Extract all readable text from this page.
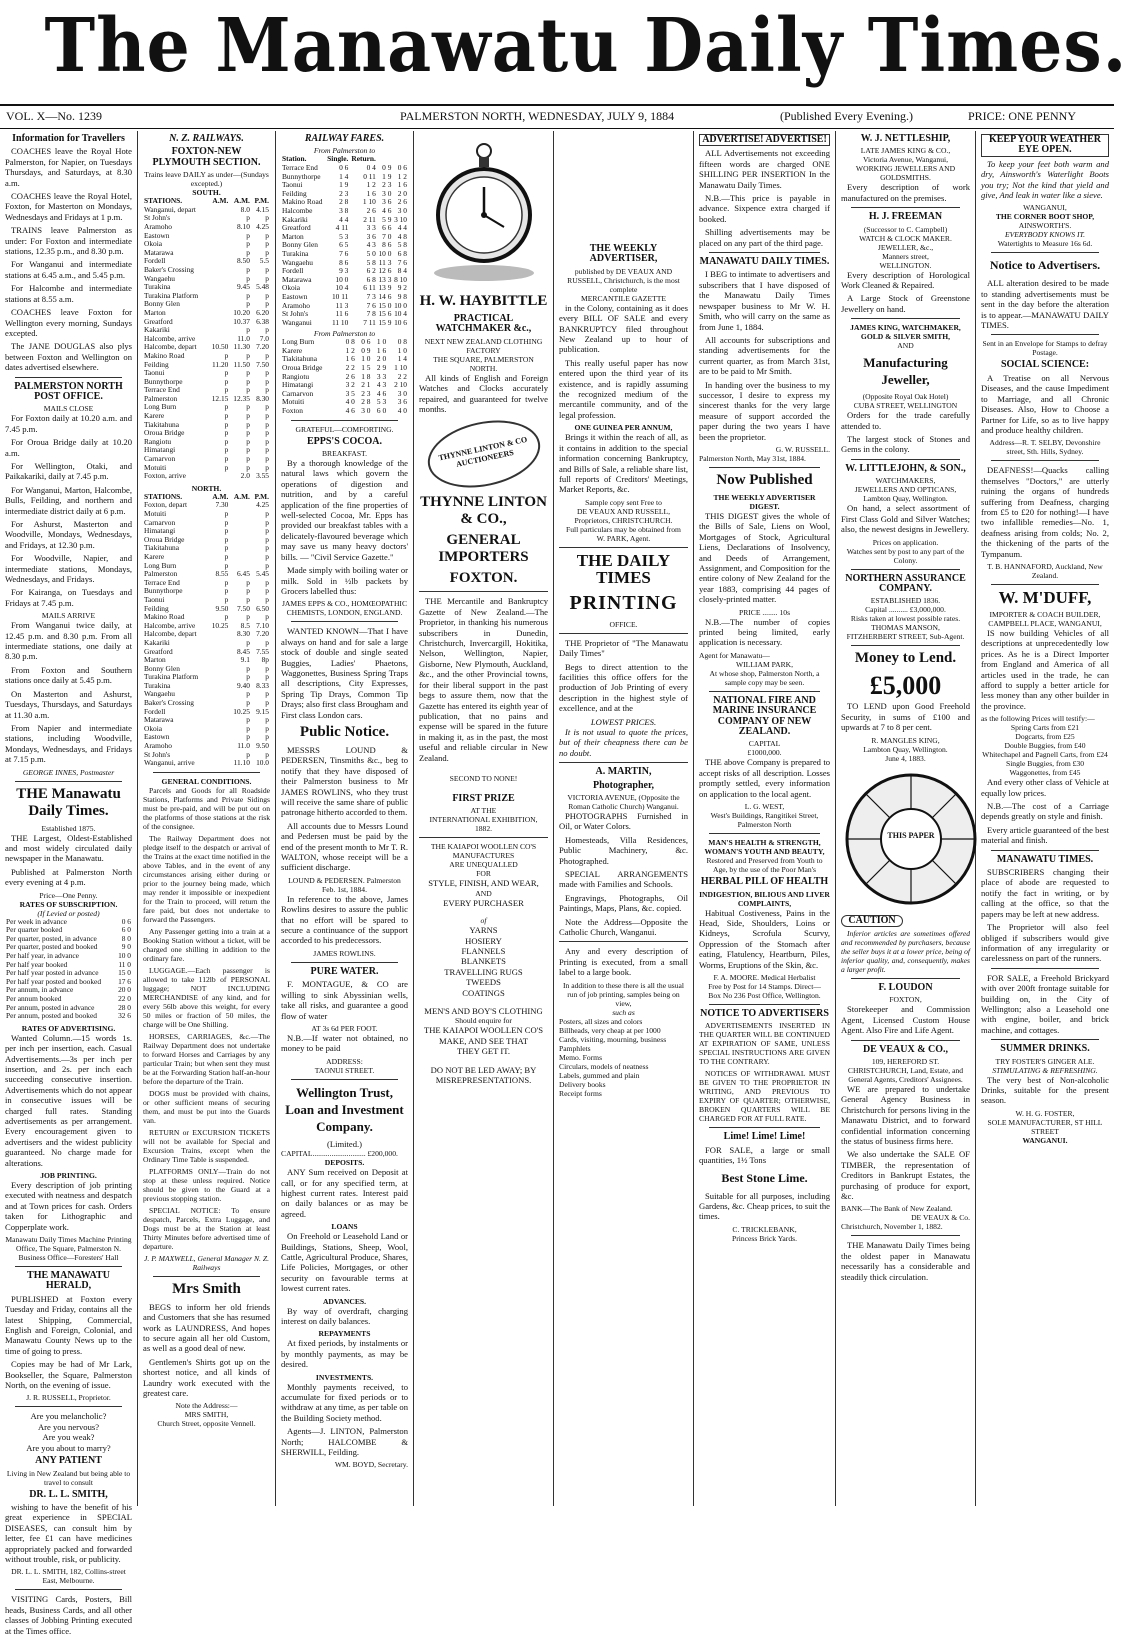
The Manawatu Daily Times.
VOL. X—No. 1239	PALMERSTON NORTH, WEDNESDAY, JULY 9, 1884	(Published Every Evening.)	PRICE: ONE PENNY
Information for Travellers

COACHES leave the Royal Hote Palmerston, for Napier, on Tuesdays Thursdays, and Saturdays, at 8.30 a.m.

COACHES leave the Royal Hotel, Foxton, for Masterton on Mondays, Wednesdays and Fridays at 1 p.m.

TRAINS leave Palmerston as under: For Foxton and intermediate stations, 12.35 p.m., and 8.30 p.m.

For Wanganui and intermediate stations at 6.45 a.m., and 5.45 p.m.

For Halcombe and intermediate stations at 8.55 a.m.

COACHES leave Foxton for Wellington every morning, Sundays excepted.

The JANE DOUGLAS also plys between Foxton and Wellington on dates advertised elsewhere.

PALMERSTON NORTH POST OFFICE.
MAILS CLOSE

For Foxton daily at 10.20 a.m. and 7.45 p.m.

For Oroua Bridge daily at 10.20 a.m.

For Wellington, Otaki, and Paikakariki, daily at 7.45 p.m.

For Wanganui, Marton, Halcombe, Bulls, Feilding, and northern and intermediate district daily at 6 p.m.

For Ashurst, Masterton and Woodville, Mondays, Wednesdays, and Fridays, at 12.30 p.m.

For Woodville, Napier, and intermediate stations, Mondays, Wednesdays, and Fridays.

For Kairanga, on Tuesdays and Fridays at 7.45 p.m.

MAILS ARRIVE

From Wanganui twice daily, at 12.45 p.m. and 8.30 p.m. From all intermediate stations, one daily at 8.30 p.m.

From Foxton and Southern stations once daily at 5.45 p.m.

On Masterton and Ashurst, Tuesdays, Thursdays, and Saturdays at 11.30 a.m.

From Napier and intermediate stations, including Woodville, Mondays, Wednesdays, and Fridays at 7.15 p.m.

GEORGE INNES, Postmaster
THE Manawatu Daily Times.
Established 1875.

THE Largest, Oldest-Established and most widely circulated daily newspaper in the Manawatu.

Published at Palmerston North every evening at 4 p.m.

Price—One Penny.
RATES OF SUBSCRIPTION.
(If Levied or posted)
Per week in advance	0 6
Per quarter booked	6 0
Per quarter, posted, in advance	8 0
Per quarter, posted and booked	9 0
Per half year, in advance	10 0
Per half year booked	11 0
Per half year posted in advance	15 0
Per half year posted and booked	17 6
Per annum, in advance	20 0
Per annum booked	22 0
Per annum, posted in advance	28 0
Per annum, posted and booked	32 6
RATES OF ADVERTISING.

Wanted Column.—15 words 1s. per inch per insertion, each. Casual Advertisements.—3s per inch per insertion, and 2s. per inch each succeeding consecutive insertion. Advertisements which do not appear in consecutive issues will be charged full rates. Standing advertisements as per arrangement. Every encouragement given to advertisers and the widest publicity guaranteed. No charge made for alterations.

JOB PRINTING.

Every description of job printing executed with neatness and despatch and at Town prices for cash. Orders taken for Lithographic and Copperplate work.

Manawatu Daily Times Machine Printing Office, The Square, Palmerston N.
Business Office—Foresters' Hall
THE MANAWATU HERALD,

PUBLISHED at Foxton every Tuesday and Friday, contains all the latest Shipping, Commercial, English and Foreign, Colonial, and Manawatu County News up to the time of going to press.

Copies may be had of Mr Lark, Bookseller, the Square, Palmerston North, on the evening of issue.

J. R. RUSSELL, Proprietor.
Are you melancholic?
Are you nervous?
Are you weak?
Are you about to marry?
ANY PATIENT
Living in New Zealand but being able to travel to consult
DR. L. L. SMITH,

wishing to have the benefit of his great experience in SPECIAL DISEASES, can consult him by letter, fee £1 can have medicines appropriately packed and forwarded without trouble, risk, or publicity.

DR. L. L. SMITH, 182, Collins-street East, Melbourne.

VISITING Cards, Posters, Bill heads, Business Cards, and all other classes of Jobbing Printing executed at the Times office.

N. Z. RAILWAYS.
FOXTON-NEW PLYMOUTH SECTION.
Trains leave DAILY as under—(Sundays excepted.)
SOUTH.
STATIONS.	A.M.	A.M.	P.M.
Wanganui, depart		8.0	4.15
St John's		p	p
Aramoho		8.10	4.25
Eastown		p	p
Okoia		p	p
Matarawa		p	p
Fordell		8.50	5.5
Baker's Crossing		p	p
Wangaehu		p	p
Turakina		9.45	5.48
Turakina Platform		p	p
Bonny Glen		p	p
Marton		10.20	6.20
Greatford		10.37	6.38
Kakariki		p	p
Halcombe, arrive		11.0	7.0
Halcombe, depart	10.50	11.30	7.20
Makino Road	p	p	p
Feilding	11.20	11.50	7.50
Taonui	p	p	p
Bunnythorpe	p	p	p
Terrace End	p	p	p
Palmerston	12.15	12.35	8.30
Long Burn	p	p	p
Karere	p	p	p
Tiakitahuna	p	p	p
Oroua Bridge	p	p	p
Rangiotu	p	p	p
Himatangi	p	p	p
Carnarvon	p	p	p
Motuiti	p	p	p
Foxton, arrive		2.0	3.55
NORTH.
STATIONS.	A.M.	A.M.	P.M.
Foxton, depart	7.30		4.25
Motuiti	p		p
Carnarvon	p		p
Himatangi	p		p
Oroua Bridge	p		p
Tiakitahuna	p		p
Karere	p		p
Long Burn	p		p
Palmerston	8.55	6.45	5.45
Terrace End	p	p	p
Bunnythorpe	p	p	p
Taonui	p	p	p
Feilding	9.50	7.50	6.50
Makino Road	p	p	p
Halcombe, arrive	10.25	8.5	7.10
Halcombe, depart		8.30	7.20
Kakariki		p	p
Greatford		8.45	7.55
Marton		9.1	8p
Bonny Glen		p	p
Turakina Platform		p	p
Turakina		9.40	8.33
Wangaehu		p	p
Baker's Crossing		p	p
Fordell		10.25	9.15
Matarawa		p	p
Okoia		p	p
Eastown		p	p
Aramoho		11.0	9.50
St John's		p	p
Wanganui, arrive		11.10	10.0
GENERAL CONDITIONS.

Parcels and Goods for all Roadside Stations, Platforms and Private Sidings must be pre-paid, and will be put out on the platforms of those stations at the risk of the consignee.

The Railway Department does not pledge itself to the despatch or arrival of the Trains at the exact time notified in the above Tables, and in the event of any circumstances arising either during or prior to the journey being made, which may render it impossible or inexpedient for the Train to proceed, will return the fare paid, but does not undertake to forward the Passengers.

Any Passenger getting into a train at a Booking Station without a ticket, will be charged one shilling in addition to the ordinary fare.

LUGGAGE.—Each passenger is allowed to take 112lb of PERSONAL luggage; NOT INCLUDING MERCHANDISE of any kind, and for every 56lb above this weight, for every 50 miles or fraction of 50 miles, the charge will be One Shilling.

HORSES, CARRIAGES, &c.—The Railway Department does not undertake to forward Horses and Carriages by any particular Train; but when sent they must be at the Forwarding Station half-an-hour before the departure of the Train.

DOGS must be provided with chains, or other sufficient means of securing them, and must be put into the Guards van.

RETURN or EXCURSION TICKETS will not be available for Special and Excursion Trains, except when the Ordinary Time Table is suspended.

PLATFORMS ONLY—Train do not stop at these unless required. Notice should be given to the Guard at a previous stopping station.

SPECIAL NOTICE: To ensure despatch, Parcels, Extra Luggage, and Dogs must be at the Station at least Thirty Minutes before advertised time of departure.

J. P. MAXWELL, General Manager N. Z. Railways
Mrs Smith

BEGS to inform her old friends and Customers that she has resumed work as LAUNDRESS, And hopes to secure again all her old Custom, as well as a good deal of new.

Gentlemen's Shirts got up on the shortest notice, and all kinds of Laundry work executed with the greatest care.

Note the Address:—
MRS SMITH,
Church Street, opposite Vennell.
RAILWAY FARES.
From Palmerston to
Station.	Single.	Return.		
Terrace End	0 6	0 4	0 9	0 6
Bunnythorpe	1 4	0 11	1 9	1 2
Taonui	1 9	1 2	2 3	1 6
Feilding	2 3	1 6	3 0	2 0
Makino Road	2 8	1 10	3 6	2 6
Halcombe	3 8	2 6	4 6	3 0
Kakariki	4 4	2 11	5 9	3 10
Greatford	4 11	3 3	6 6	4 4
Marton	5 3	3 6	7 0	4 8
Bonny Glen	6 5	4 3	8 6	5 8
Turakina	7 6	5 0	10 0	6 8
Wangaehu	8 6	5 8	11 3	7 6
Fordell	9 3	6 2	12 6	8 4
Matarawa	10 0	6 8	13 3	8 10
Okoia	10 4	6 11	13 9	9 2
Eastown	10 11	7 3	14 6	9 8
Aramoho	11 3	7 6	15 0	10 0
St John's	11 6	7 8	15 6	10 4
Wanganui	11 10	7 11	15 9	10 6
From Palmerston to
Long Burn	0 8	0 6	1 0	0 8
Karere	1 2	0 9	1 6	1 0
Tiakitahuna	1 6	1 0	2 0	1 4
Oroua Bridge	2 2	1 5	2 9	1 10
Rangiotu	2 6	1 8	3 3	2 2
Himatangi	3 2	2 1	4 3	2 10
Carnarvon	3 5	2 3	4 6	3 0
Motuiti	4 0	2 8	5 3	3 6
Foxton	4 6	3 0	6 0	4 0
GRATEFUL—COMFORTING.
EPPS'S COCOA.
BREAKFAST.

By a thorough knowledge of the natural laws which govern the operations of digestion and nutrition, and by a careful application of the fine properties of well-selected Cocoa, Mr. Epps has provided our breakfast tables with a delicately-flavoured beverage which may save us many heavy doctors' bills. — "Civil Service Gazette."

Made simply with boiling water or milk. Sold in ½lb packets by Grocers labelled thus:

JAMES EPPS & CO., HOMŒOPATHIC CHEMISTS, LONDON, ENGLAND.

WANTED KNOWN—That I have always on hand and for sale a large stock of double and single seated Buggies, Ladies' Phaetons, Waggonettes, Business Spring Traps all descriptions, City Expresses, Spring Tip Drays, Common Tip Drays; also first class Brougham and First class London cars.

Public Notice.

MESSRS LOUND & PEDERSEN, Tinsmiths &c., beg to notify that they have disposed of their Palmerston business to Mr JAMES ROWLINS, who they trust will receive the same share of public patronage hitherto accorded to them.

All accounts due to Messrs Lound and Pedersen must be paid by the end of the present month to Mr T. R. WALTON, whose receipt will be a sufficient discharge.

LOUND & PEDERSEN. Palmerston Feb. 1st, 1884.

In reference to the above, James Rowlins desires to assure the public that no effort will be spared to secure a continuance of the support accorded to his predecessors.

JAMES ROWLINS.
PURE WATER.

F. MONTAGUE, & CO are willing to sink Abyssinian wells, take all risks, and guarantee a good flow of water

AT 3s 6d PER FOOT.

N.B.—If water not obtained, no money to be paid

ADDRESS:
TAONUI STREET.
Wellington Trust, Loan and Investment Company.
(Limited.)
CAPITAL............................ £200,000.
DEPOSITS.

ANY Sum received on Deposit at call, or for any specified term, at highest current rates. Interest paid on daily balances or as may be agreed.

LOANS

On Freehold or Leasehold Land or Buildings, Stations, Sheep, Wool, Cattle, Agricultural Produce, Shares, Life Policies, Mortgages, or other security on favourable terms at lowest current rates.

ADVANCES.

By way of overdraft, charging interest on daily balances.

REPAYMENTS

At fixed periods, by instalments or by monthly payments, as may be desired.

INVESTMENTS.

Monthly payments received, to accumulate for fixed periods or to withdraw at any time, as per table on the Building Society method.

Agents—J. LINTON, Palmerston North; HALCOMBE & SHERWILL, Feilding.

WM. BOYD, Secretary.
H. W. HAYBITTLE
PRACTICAL WATCHMAKER &c.,
NEXT NEW ZEALAND CLOTHING FACTORY
THE SQUARE, PALMERSTON NORTH.

All kinds of English and Foreign Watches and Clocks accurately repaired, and guaranteed for twelve months.

THYNNE LINTON & CO AUCTIONEERS
THYNNE LINTON & CO.,
GENERAL IMPORTERS
FOXTON.

THE Mercantile and Bankruptcy Gazette of New Zealand.—The Proprietor, in thanking his numerous subscribers in Dunedin, Christchurch, Invercargill, Hokitika, Nelson, Wellington, Napier, Gisborne, New Plymouth, Auckland, &c., and the other Provincial towns, for their liberal support in the past begs to assure them, now that the Gazette has entered its eighth year of publication, that no pains and expense will be spared in the future in making it, as in the past, the most useful and reliable circular in New Zealand.

SECOND TO NONE!
FIRST PRIZE
AT THE
INTERNATIONAL EXHIBITION,
1882.
THE KAIAPOI WOOLLEN CO'S
MANUFACTURES
ARE UNEQUALLED
FOR
STYLE, FINISH, AND WEAR,
AND
EVERY PURCHASER
of
YARNS
HOSIERY
FLANNELS
BLANKETS
TRAVELLING RUGS
TWEEDS
COATINGS
MEN'S AND BOY'S CLOTHING
Should enquire for
THE KAIAPOI WOOLLEN CO'S
MAKE, AND SEE THAT
THEY GET IT.
DO NOT BE LED AWAY; BY MISREPRESENTATIONS.
THE WEEKLY ADVERTISER,
published by DE VEAUX AND RUSSELL, Christchurch, is the most complete
MERCANTILE GAZETTE

in the Colony, containing as it does every BILL OF SALE and every BANKRUPTCY filed throughout New Zealand up to hour of publication.

This really useful paper has now entered upon the third year of its existence, and is rapidly assuming the recognized medium of the mercantile community, and of the legal profession.

ONE GUINEA PER ANNUM,

Brings it within the reach of all, as it contains in addition to the special information concerning Bankruptcy, and Bills of Sale, a reliable share list, full reports of Creditors' Meetings, Market Reports, &c.

Sample copy sent Free to
DE VEAUX AND RUSSELL, Proprietors, CHRISTCHURCH.
Full particulars may be obtained from
W. PARK, Agent.
THE DAILY TIMES
PRINTING
OFFICE.

THE Proprietor of "The Manawatu Daily Times"

Begs to direct attention to the facilities this office offers for the production of Job Printing of every description in the highest style of excellence, and at the

LOWEST PRICES.

It is not usual to quote the prices, but of their cheapness there can be no doubt.

A. MARTIN,
Photographer,
VICTORIA AVENUE, (Opposite the Roman Catholic Church) Wanganui.

PHOTOGRAPHS Furnished in Oil, or Water Colors.

Homesteads, Villa Residences, Public Machinery, &c. Photographed.

SPECIAL ARRANGEMENTS made with Families and Schools.

Engravings, Photographs, Oil Paintings, Maps, Plans, &c. copied.

Note the Address—Opposite the Catholic Church, Wanganui.

Any and every description of Printing is executed, from a small label to a large book.

In addition to these there is all the usual run of job printing, samples being on view,
such as
Posters, all sizes and colors
Billheads, very cheap at per 1000
Cards, visiting, mourning, business
Pamphlets
Memo. Forms
Circulars, models of neatness
Labels, gummed and plain
Delivery books
Receipt forms
ADVERTISE! ADVERTISE!

ALL Advertisements not exceeding fifteen words are charged ONE SHILLING PER INSERTION In the Manawatu Daily Times.

N.B.—This price is payable in advance. Sixpence extra charged if booked.

Shilling advertisements may be placed on any part of the third page.

MANAWATU DAILY TIMES.

I BEG to intimate to advertisers and subscribers that I have disposed of the Manawatu Daily Times newspaper business to Mr W. H. Smith, who will carry on the same as from June 1, 1884.

All accounts for subscriptions and standing advertisements for the current quarter, as from March 31st, are to be paid to Mr Smith.

In handing over the business to my successor, I desire to express my sincerest thanks for the very large measure of support accorded the paper during the two years I have been the proprietor.

G. W. RUSSELL.
Palmerston North, May 31st, 1884.
Now Published
THE WEEKLY ADVERTISER DIGEST.

THIS DIGEST gives the whole of the Bills of Sale, Liens on Wool, Mortgages of Stock, Agricultural Liens, Declarations of Insolvency, and Deeds of Arrangement, Assignment, and Composition for the entire colony of New Zealand for the year 1883, comprising 44 pages of closely-printed matter.

PRICE ........ 10s

N.B.—The number of copies printed being limited, early application is necessary.

Agent for Manawatu—
WILLIAM PARK,
At whose shop, Palmerston North, a sample copy may be seen.
NATIONAL FIRE AND MARINE INSURANCE COMPANY OF NEW ZEALAND.
CAPITAL
£1000,000.

THE above Company is prepared to accept risks of all description. Losses promptly settled, every information on application to the local agent.

L. G. WEST,
West's Buildings, Rangitikei Street, Palmerston North
MAN'S HEALTH & STRENGTH, WOMAN'S YOUTH AND BEAUTY,
Restored and Preserved from Youth to Age, by the use of the Poor Man's
HERBAL PILL OF HEALTH
INDIGESTION, BILIOUS AND LIVER COMPLAINTS,

Habitual Costiveness, Pains in the Head, Side, Shoulders, Loins or Kidneys, Scrofula Scurvy, Oppression of the Stomach after eating, Flatulency, Heartburn, Piles, Worms, Eruptions of the Skin, &c.

F. A. MOORE. Medical Herbalist
Free by Post for 14 Stamps. Direct—
Box No 236 Post Office, Wellington.
NOTICE TO ADVERTISERS

ADVERTISEMENTS INSERTED IN THE QUARTER WILL BE CONTINUED AT EXPIRATION OF SAME, UNLESS SPECIAL INSTRUCTIONS ARE GIVEN TO THE CONTRARY.

NOTICES OF WITHDRAWAL MUST BE GIVEN TO THE PROPRIETOR IN WRITING, AND PREVIOUS TO EXPIRY OF QUARTER; OTHERWISE, BROKEN QUARTERS WILL BE CHARGED FOR AT FULL RATE.

Lime! Lime! Lime!

FOR SALE, a large or small quantities, 1½ Tons

Best Stone Lime.

Suitable for all purposes, including Gardens, &c. Cheap prices, to suit the times.

C. TRICKLEBANK,
Princess Brick Yards.
W. J. NETTLESHIP,
LATE JAMES KING & CO.,
Victoria Avenue, Wanganui,
WORKING JEWELLERS AND GOLDSMITHS.

Every description of work manufactured on the premises.

H. J. FREEMAN
(Successor to C. Campbell)
WATCH & CLOCK MAKER.
JEWELLER, &c.,
Manners street,
WELLINGTON.

Every description of Horological Work Cleaned & Repaired.

A Large Stock of Greenstone Jewellery on hand.

JAMES KING, WATCHMAKER, GOLD & SILVER SMITH,
AND
Manufacturing Jeweller,
(Opposite Royal Oak Hotel)
CUBA STREET, WELLINGTON

Orders for the trade carefully attended to.

The largest stock of Stones and Gems in the colony.

W. LITTLEJOHN, & SON.,
WATCHMAKERS,
JEWELLERS AND OPTICANS, Lambton Quay, Wellington.

On hand, a select assortment of First Class Gold and Silver Watches; also, the newest designs in Jewellery.

Prices on application.
Watches sent by post to any part of the Colony.
NORTHERN ASSURANCE COMPANY.
ESTABLISHED 1836.
Capital .......... £3,000,000.
Risks taken at lowest possible rates.
THOMAS MANSON,
FITZHERBERT STREET, Sub-Agent.
Money to Lend.
£5,000

TO LEND upon Good Freehold Security, in sums of £100 and upwards at 7 to 8 per cent.

R. MANGLES KING,
Lambton Quay, Wellington.
June 4, 1883.
THIS PAPER
CAUTION

Inferior articles are sometimes offered and recommended by purchasers, because the seller buys it at a lower price, being of inferior quality, and, consequently, makes a larger profit.

F. LOUDON
FOXTON,

Storekeeper and Commission Agent, Licensed Custom House Agent. Also Fire and Life Agent.

DE VEAUX & CO.,
109, HEREFORD ST. CHRISTCHURCH, Land, Estate, and General Agents, Creditors' Assignees.

WE are prepared to undertake General Agency Business in Christchurch for persons living in the Manawatu District, and to forward confidential information concerning the status of business firms here.

We also undertake the SALE OF TIMBER, the representation of Creditors in Bankrupt Estates, the purchasing of produce for export, &c.

BANK—The Bank of New Zealand.
DE VEAUX & Co.
Christchurch, November 1, 1882.

THE Manawatu Daily Times being the oldest paper in Manawatu necessarily has a considerable and steadily thick circulation.

KEEP YOUR WEATHER EYE OPEN.

To keep your feet both warm and dry, Ainsworth's Waterlight Boots you try; Not the kind that yield and give, And leak in water like a sieve.

WANGANUI,
THE CORNER BOOT SHOP,
AINSWORTH'S.
EVERYBODY KNOWS IT.
Watertights to Measure 16s 6d.
Notice to Advertisers.

ALL alteration desired to be made to standing advertisements must be sent in the day before the alteration is to appear.—MANAWATU DAILY TIMES.

Sent in an Envelope for Stamps to defray Postage.
SOCIAL SCIENCE:

A Treatise on all Nervous Diseases, and the cause Impediment to Marriage, and all Chronic Diseases. Also, How to Choose a Partner for Life, so as to live happy and produce healthy children.

Address—R. T. SELBY, Devonshire street, Sth. Hills, Sydney.

DEAFNESS!—Quacks calling themselves "Doctors," are utterly ruining the organs of hundreds suffering from Deafness, charging from £5 to £20 for nothing!—I have two infallible remedies—No. 1, deafness arising from colds; No. 2, the thickening of the parts of the Tympanum.

T. B. HANNAFORD, Auckland, New Zealand.
W. M'DUFF,
IMPORTER & COACH BUILDER,
CAMPBELL PLACE, WANGANUI,

IS now building Vehicles of all descriptions at unprecedentedly low prices. As he is a Direct Importer from England and America of all articles used in the trade, he can afford to supply a better article for less money than any other builder in the province.

as the following Prices will testify:—
Spring Carts from £21
Dogcarts, from £25
Double Buggies, from £40
Whitechapel and Pagnell Carts, from £24
Single Buggies, from £30
Waggonettes, from £45

And every other class of Vehicle at equally low prices.

N.B.—The cost of a Carriage depends greatly on style and finish.

Every article guaranteed of the best material and finish.

MANAWATU TIMES.

SUBSCRIBERS changing their place of abode are requested to notify the fact in writing, or by calling at the office, so that the papers may be left at new address.

The Proprietor will also feel obliged if subscribers would give information of any irregularity or carelessness on part of the runners.

FOR SALE, a Freehold Brickyard with over 200ft frontage suitable for building on, in the City of Wellington; also a Leasehold one with engine, boiler, and brick machine, and cottages.

SUMMER DRINKS.
TRY FOSTER'S GINGER ALE.
STIMULATING & REFRESHING.

The very best of Non-alcoholic Drinks, suitable for the present season.

W. H. G. FOSTER,
SOLE MANUFACTURER, ST HILL STREET
WANGANUI.
